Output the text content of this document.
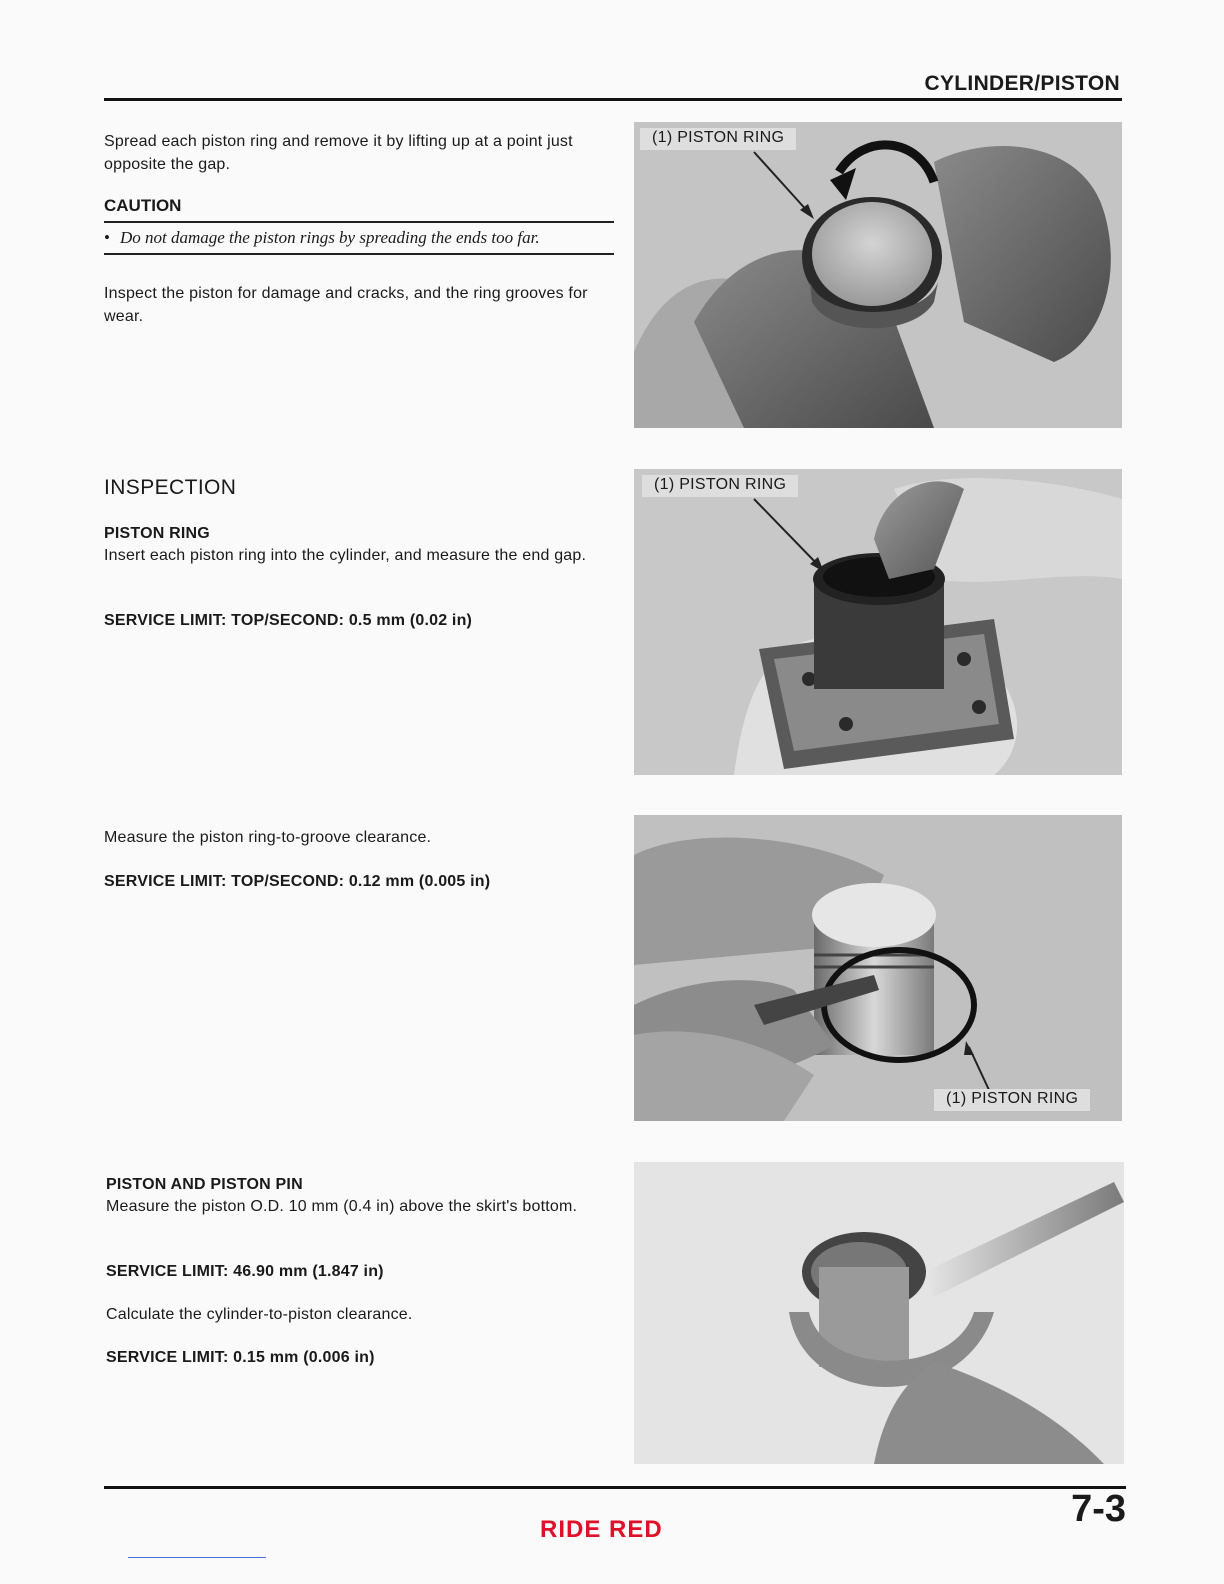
CYLINDER/PISTON
Spread each piston ring and remove it by lifting up at a point just opposite the gap.
CAUTION
• Do not damage the piston rings by spreading the ends too far.
Inspect the piston for damage and cracks, and the ring grooves for wear.
INSPECTION
PISTON RING
Insert each piston ring into the cylinder, and measure the end gap.
SERVICE LIMIT: TOP/SECOND: 0.5 mm (0.02 in)
Measure the piston ring-to-groove clearance.
SERVICE LIMIT: TOP/SECOND: 0.12 mm (0.005 in)
PISTON AND PISTON PIN
Measure the piston O.D. 10 mm (0.4 in) above the skirt's bottom.
SERVICE LIMIT: 46.90 mm (1.847 in)
Calculate the cylinder-to-piston clearance.
SERVICE LIMIT: 0.15 mm (0.006 in)
(1) PISTON RING
(1) PISTON RING
(1) PISTON RING
RIDE RED	7-3
